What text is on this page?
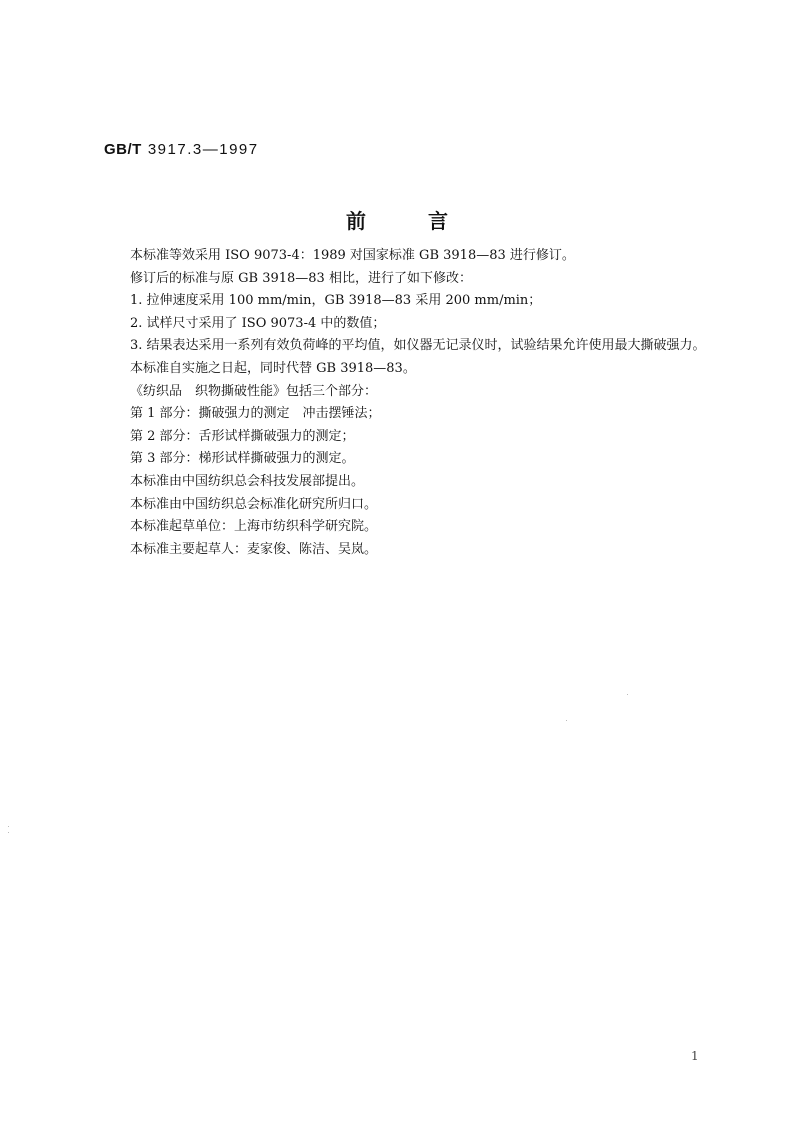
GB/T 3917.3—1997
前言

本标准等效采用 ISO 9073-4：1989 对国家标准 GB 3918—83 进行修订。

修订后的标准与原 GB 3918—83 相比，进行了如下修改：

1. 拉伸速度采用 100 mm/min，GB 3918—83 采用 200 mm/min；

2. 试样尺寸采用了 ISO 9073-4 中的数值；

3. 结果表达采用一系列有效负荷峰的平均值，如仪器无记录仪时，试验结果允许使用最大撕破强力。

本标准自实施之日起，同时代替 GB 3918—83。

《纺织品　织物撕破性能》包括三个部分：

第 1 部分：撕破强力的测定　冲击摆锤法；

第 2 部分：舌形试样撕破强力的测定；

第 3 部分：梯形试样撕破强力的测定。

本标准由中国纺织总会科技发展部提出。

本标准由中国纺织总会标准化研究所归口。

本标准起草单位：上海市纺织科学研究院。

本标准主要起草人：麦家俊、陈洁、吴岚。

1
